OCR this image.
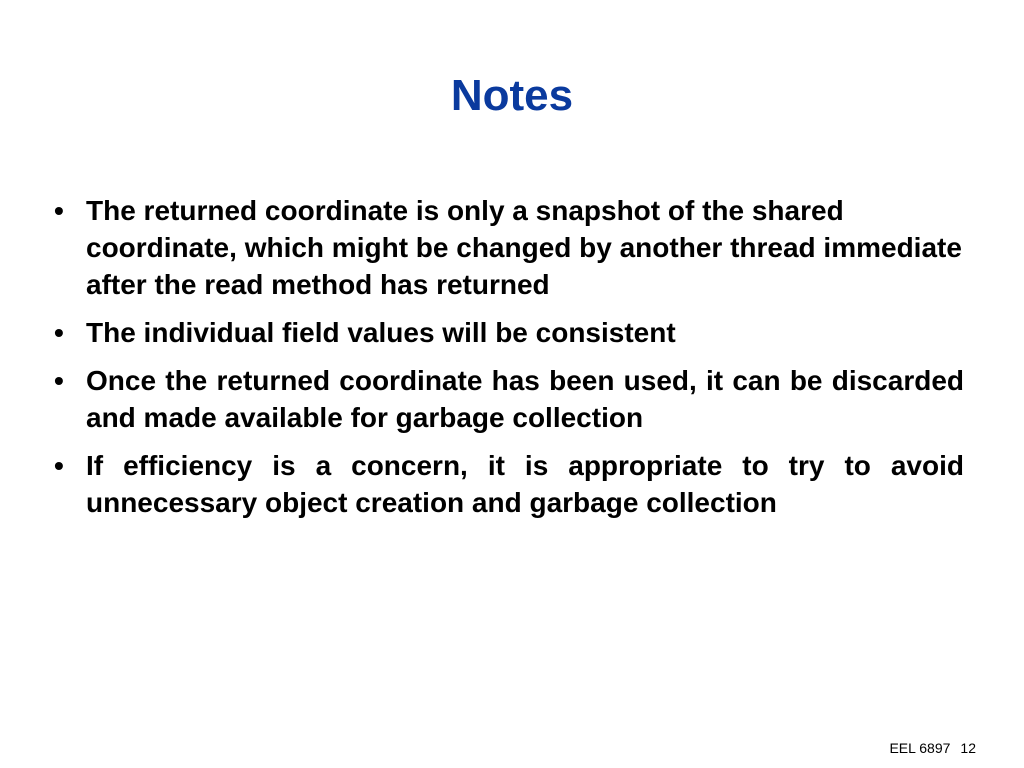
Notes
• The returned coordinate is only a snapshot of the shared coordinate, which might be changed by another thread immediate after the read method has returned
• The individual field values will be consistent
• Once the returned coordinate has been used, it can be discarded and made available for garbage collection
• If efficiency is a concern, it is appropriate to try to avoid unnecessary object creation and garbage collection
EEL 6897 12
